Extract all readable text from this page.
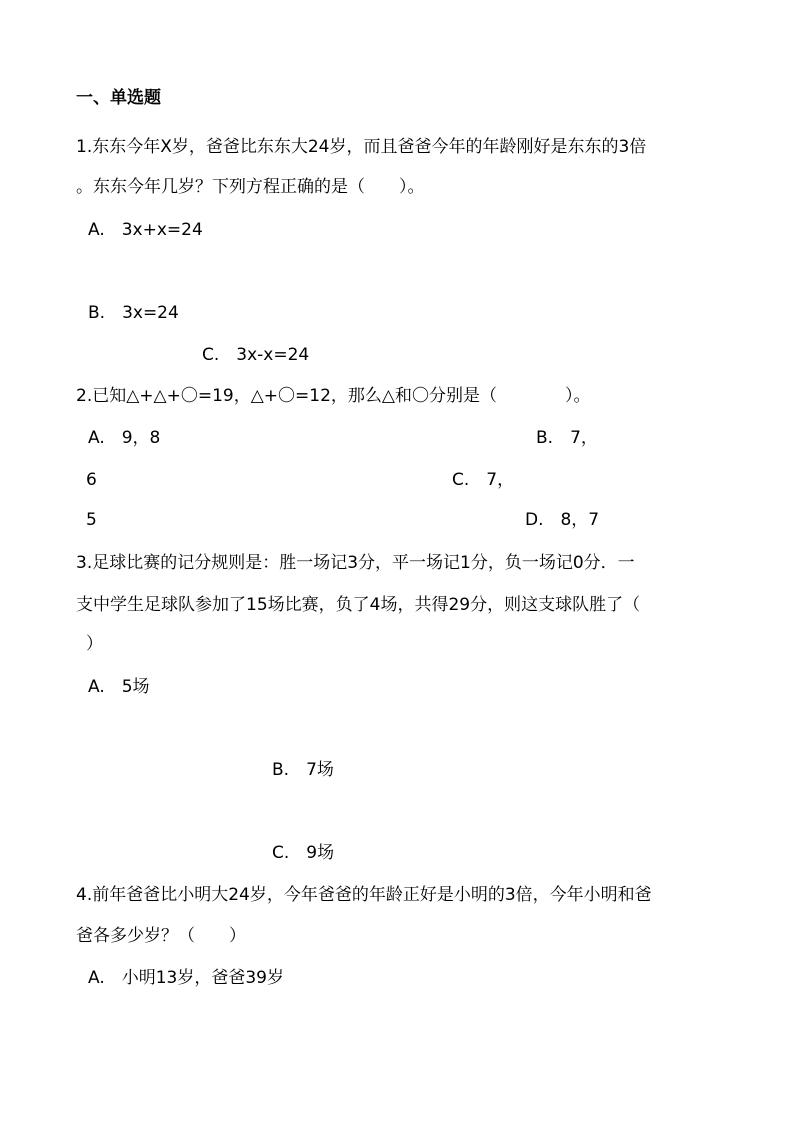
一、单选题
1.东东今年Ⅹ岁，爸爸比东东大24岁，而且爸爸今年的年龄刚好是东东的3倍
。东东今年几岁？下列方程正确的是（　　）。
A.　3x+x=24
B.　3x=24
C.　3x-x=24
2.已知△+△+〇=19，△+〇=12，那么△和〇分别是（　　　　）。
A.　9，8	B.　7，
6	C.　7，
5	D.　8，7
3.足球比赛的记分规则是：胜一场记3分，平一场记1分，负一场记0分．一
支中学生足球队参加了15场比赛，负了4场，共得29分，则这支球队胜了（
）
A.　5场
B.　7场
C.　9场
4.前年爸爸比小明大24岁，今年爸爸的年龄正好是小明的3倍，今年小明和爸
爸各多少岁？（　　）
A.　小明13岁，爸爸39岁
